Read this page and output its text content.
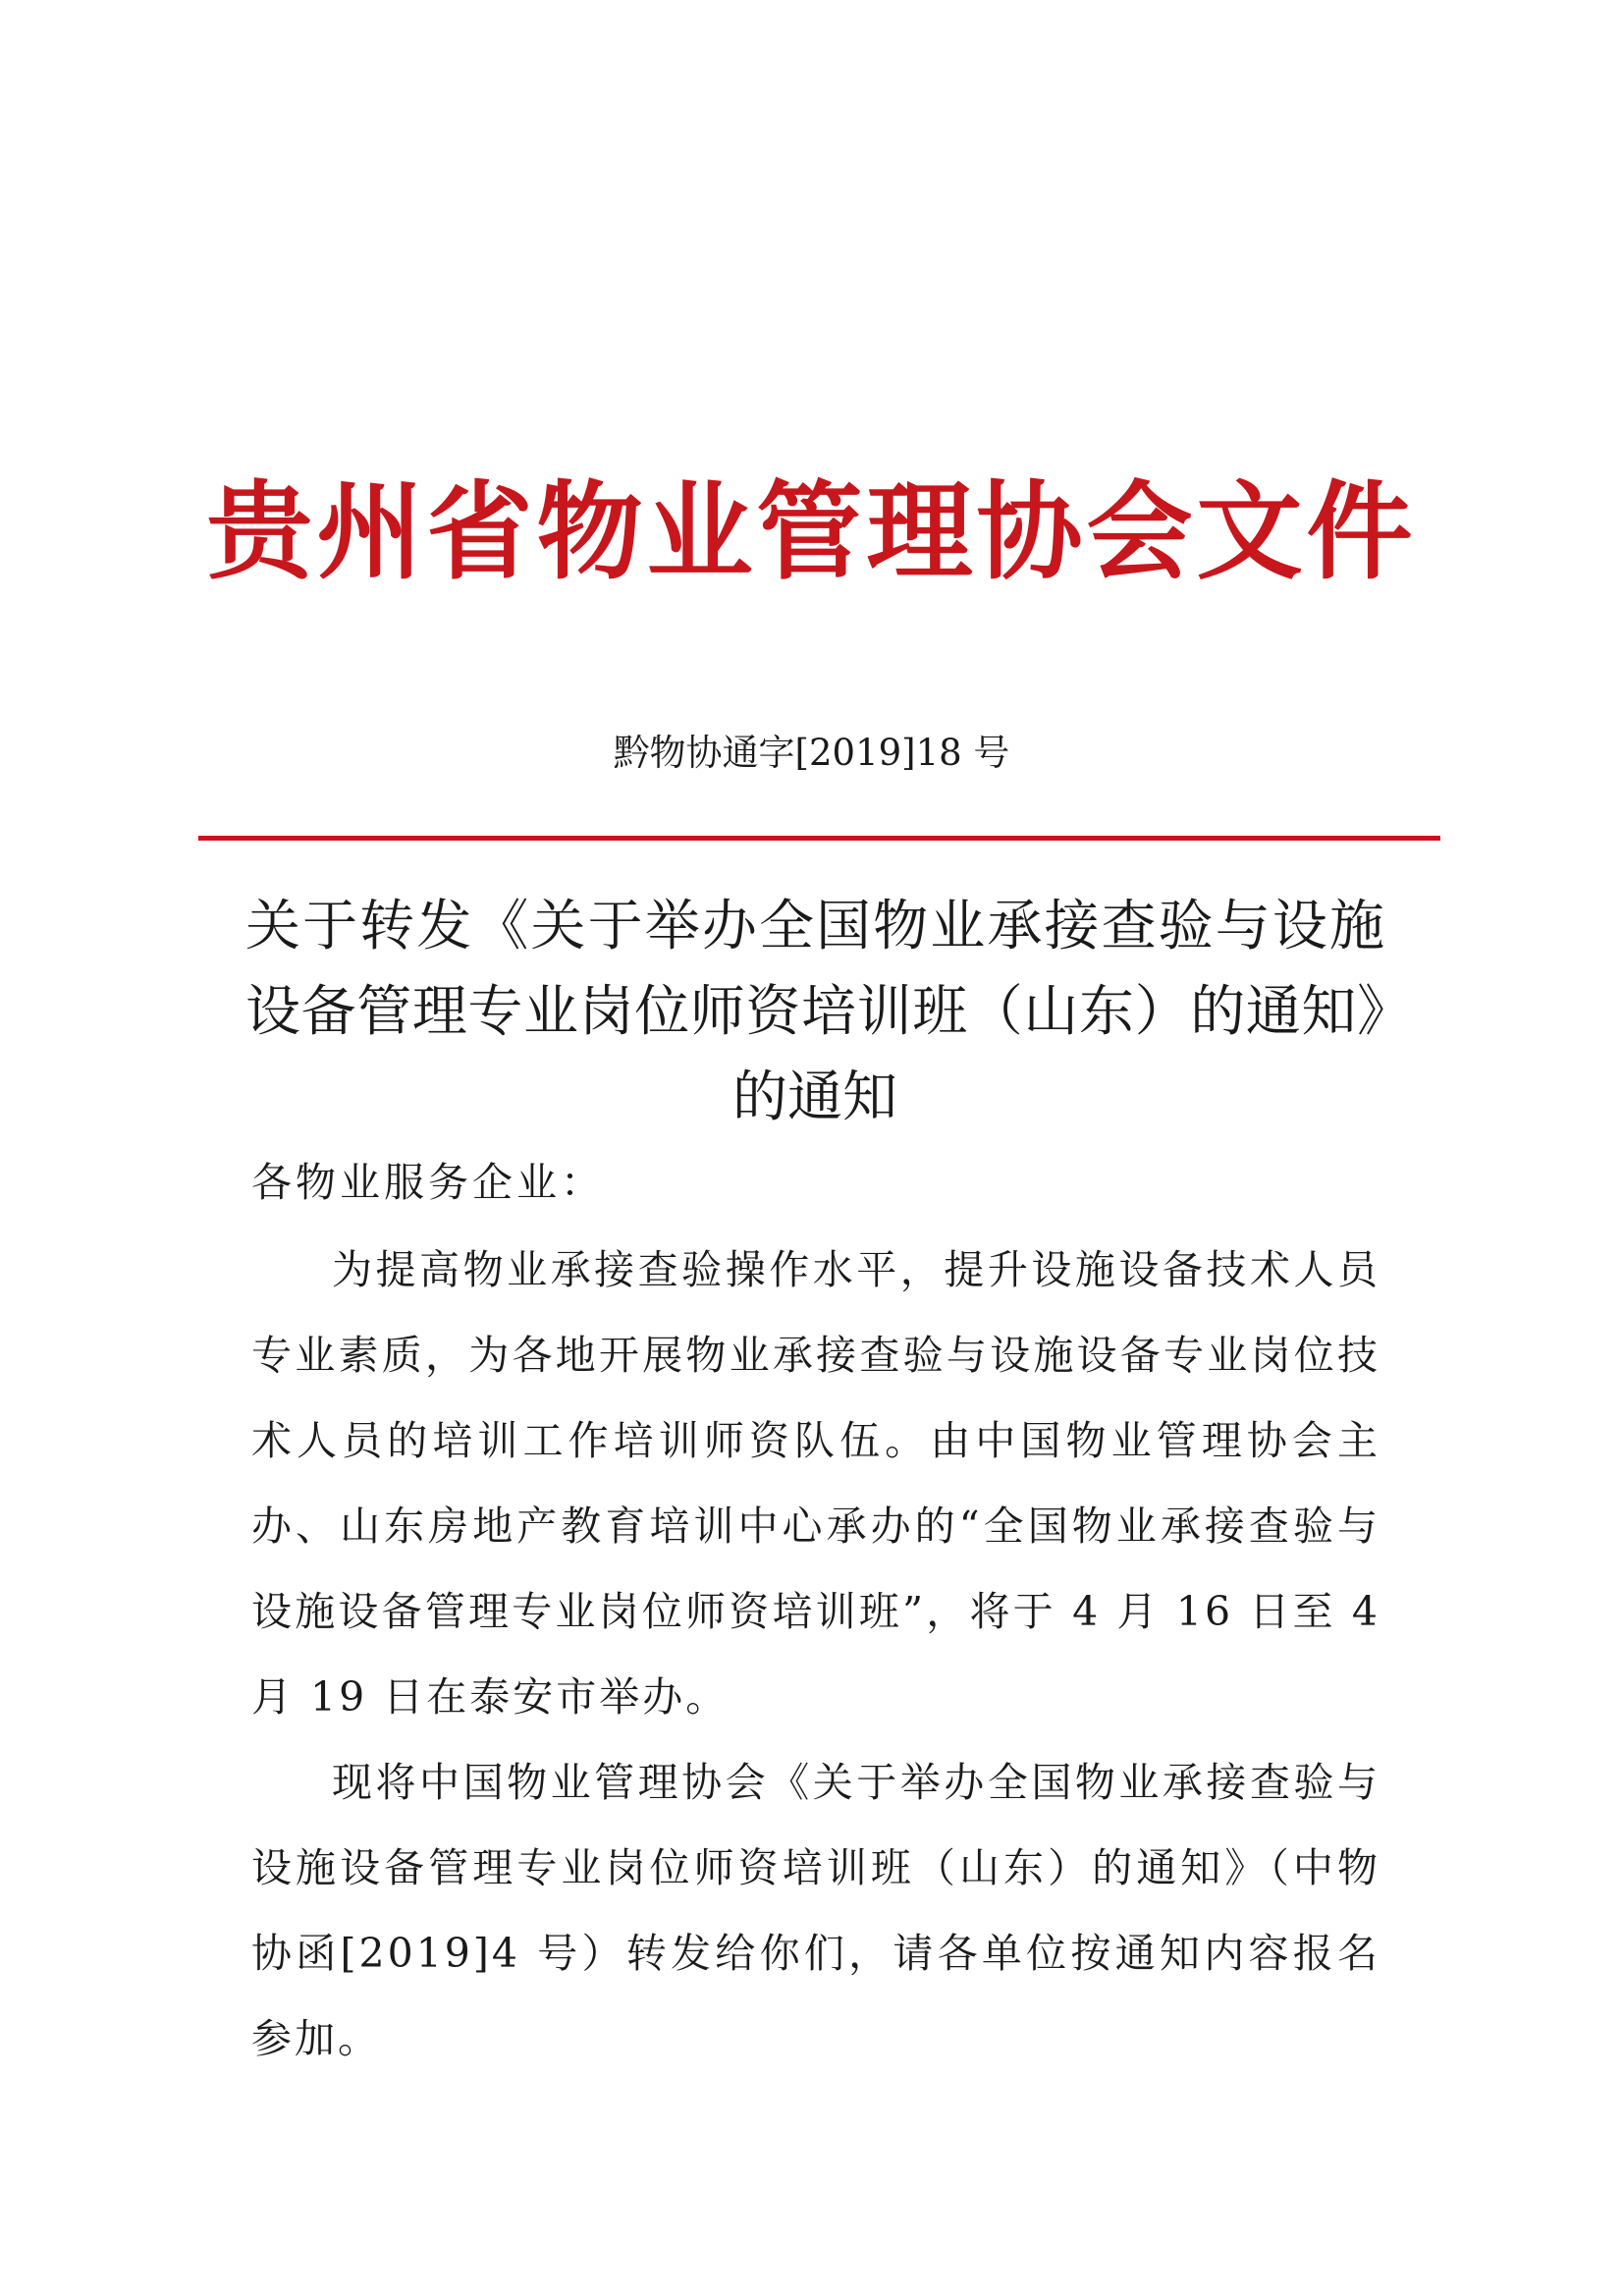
贵州省物业管理协会文件
黔物协通字[2019]18 号
关于转发《关于举办全国物业承接查验与设施设备管理专业岗位师资培训班（山东）的通知》的通知
各物业服务企业：
为提高物业承接查验操作水平，提升设施设备技术人员专业素质，为各地开展物业承接查验与设施设备专业岗位技术人员的培训工作培训师资队伍。由中国物业管理协会主办、山东房地产教育培训中心承办的“全国物业承接查验与设施设备管理专业岗位师资培训班”，将于 4 月 16 日至 4 月 19 日在泰安市举办。
现将中国物业管理协会《关于举办全国物业承接查验与设施设备管理专业岗位师资培训班（山东）的通知》（中物协函[2019]4 号）转发给你们，请各单位按通知内容报名参加。
